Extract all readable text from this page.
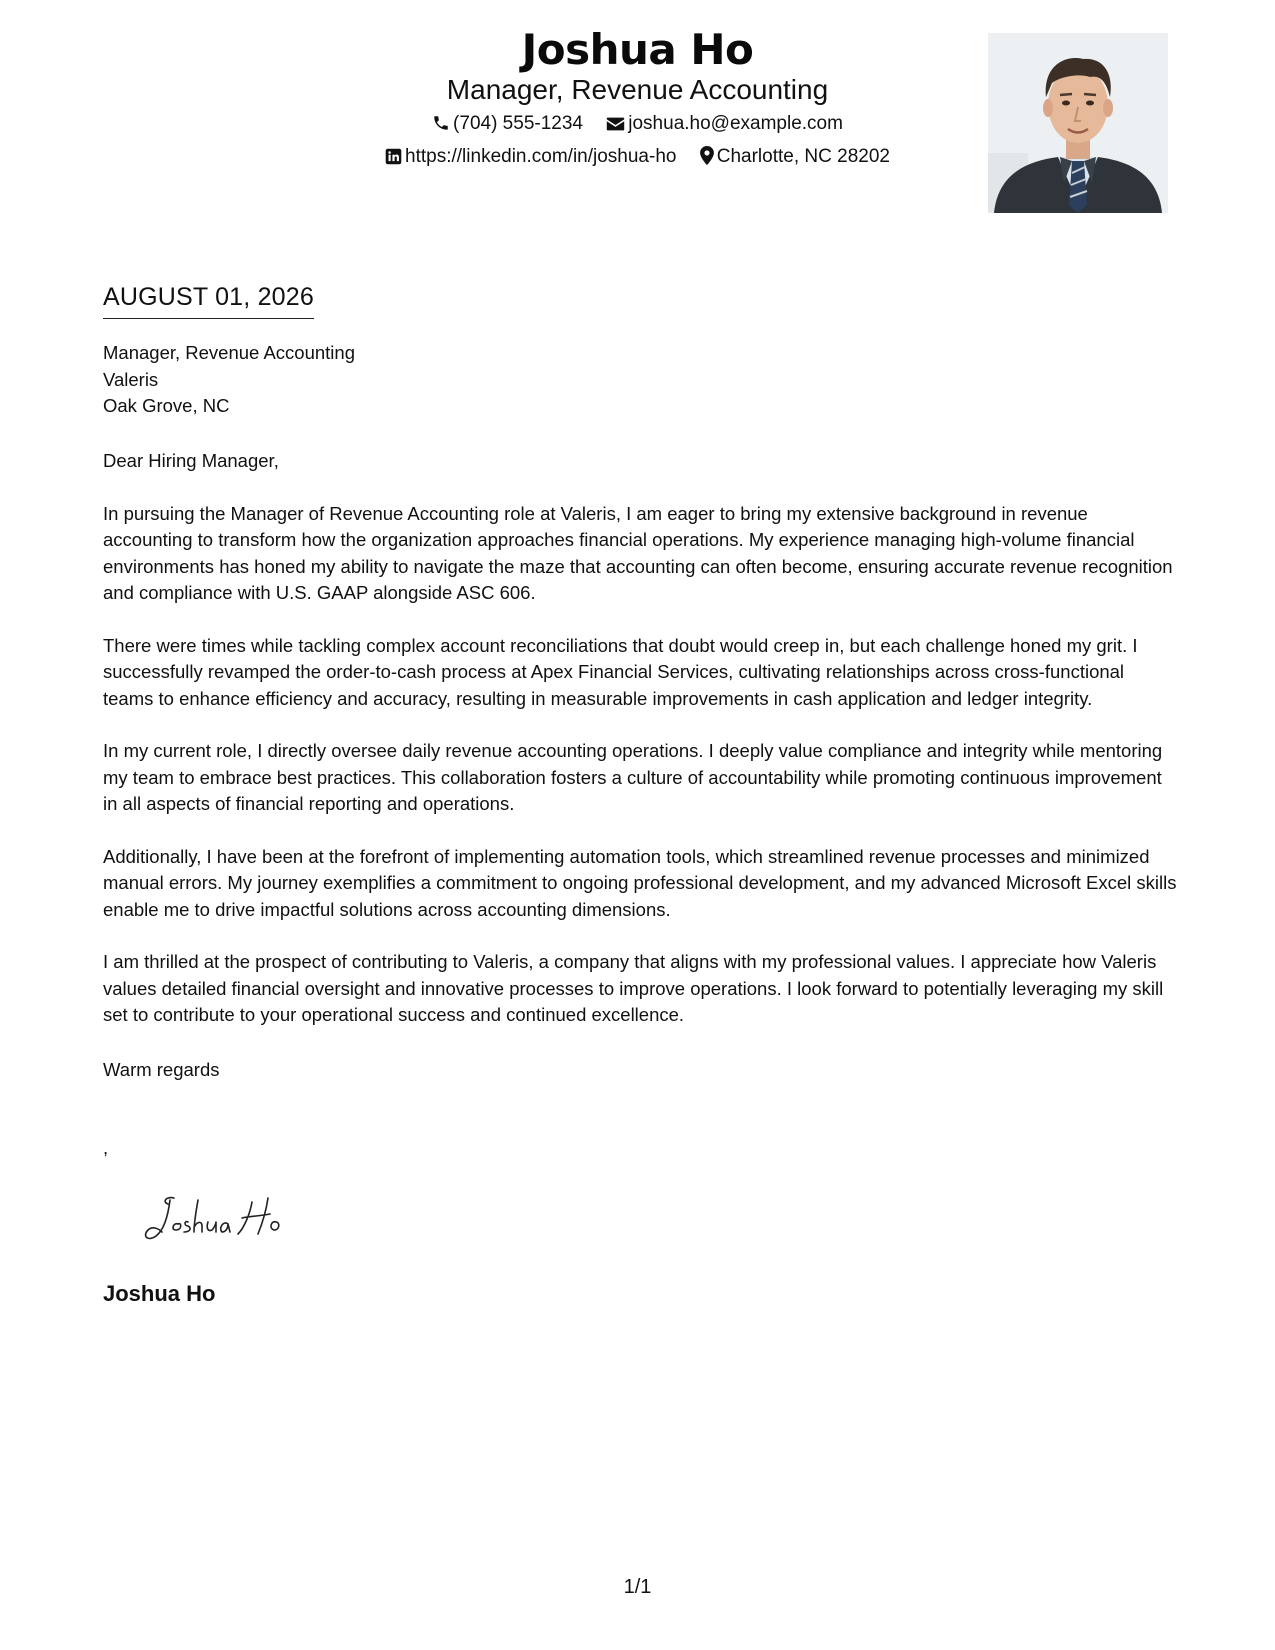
Joshua Ho
Manager, Revenue Accounting
(704) 555-1234 joshua.ho@example.com
https://linkedin.com/in/joshua-ho Charlotte, NC 28202
AUGUST 01, 2026
Manager, Revenue Accounting
Valeris
Oak Grove, NC

Dear Hiring Manager,

In pursuing the Manager of Revenue Accounting role at Valeris, I am eager to bring my extensive background in revenue accounting to transform how the organization approaches financial operations. My experience managing high-volume financial environments has honed my ability to navigate the maze that accounting can often become, ensuring accurate revenue recognition and compliance with U.S. GAAP alongside ASC 606.

There were times while tackling complex account reconciliations that doubt would creep in, but each challenge honed my grit. I successfully revamped the order-to-cash process at Apex Financial Services, cultivating relationships across cross-functional teams to enhance efficiency and accuracy, resulting in measurable improvements in cash application and ledger integrity.

In my current role, I directly oversee daily revenue accounting operations. I deeply value compliance and integrity while mentoring my team to embrace best practices. This collaboration fosters a culture of accountability while promoting continuous improvement in all aspects of financial reporting and operations.

Additionally, I have been at the forefront of implementing automation tools, which streamlined revenue processes and minimized manual errors. My journey exemplifies a commitment to ongoing professional development, and my advanced Microsoft Excel skills enable me to drive impactful solutions across accounting dimensions.

I am thrilled at the prospect of contributing to Valeris, a company that aligns with my professional values. I appreciate how Valeris values detailed financial oversight and innovative processes to improve operations. I look forward to potentially leveraging my skill set to contribute to your operational success and continued excellence.

Warm regards
,
Joshua Ho
1/1
